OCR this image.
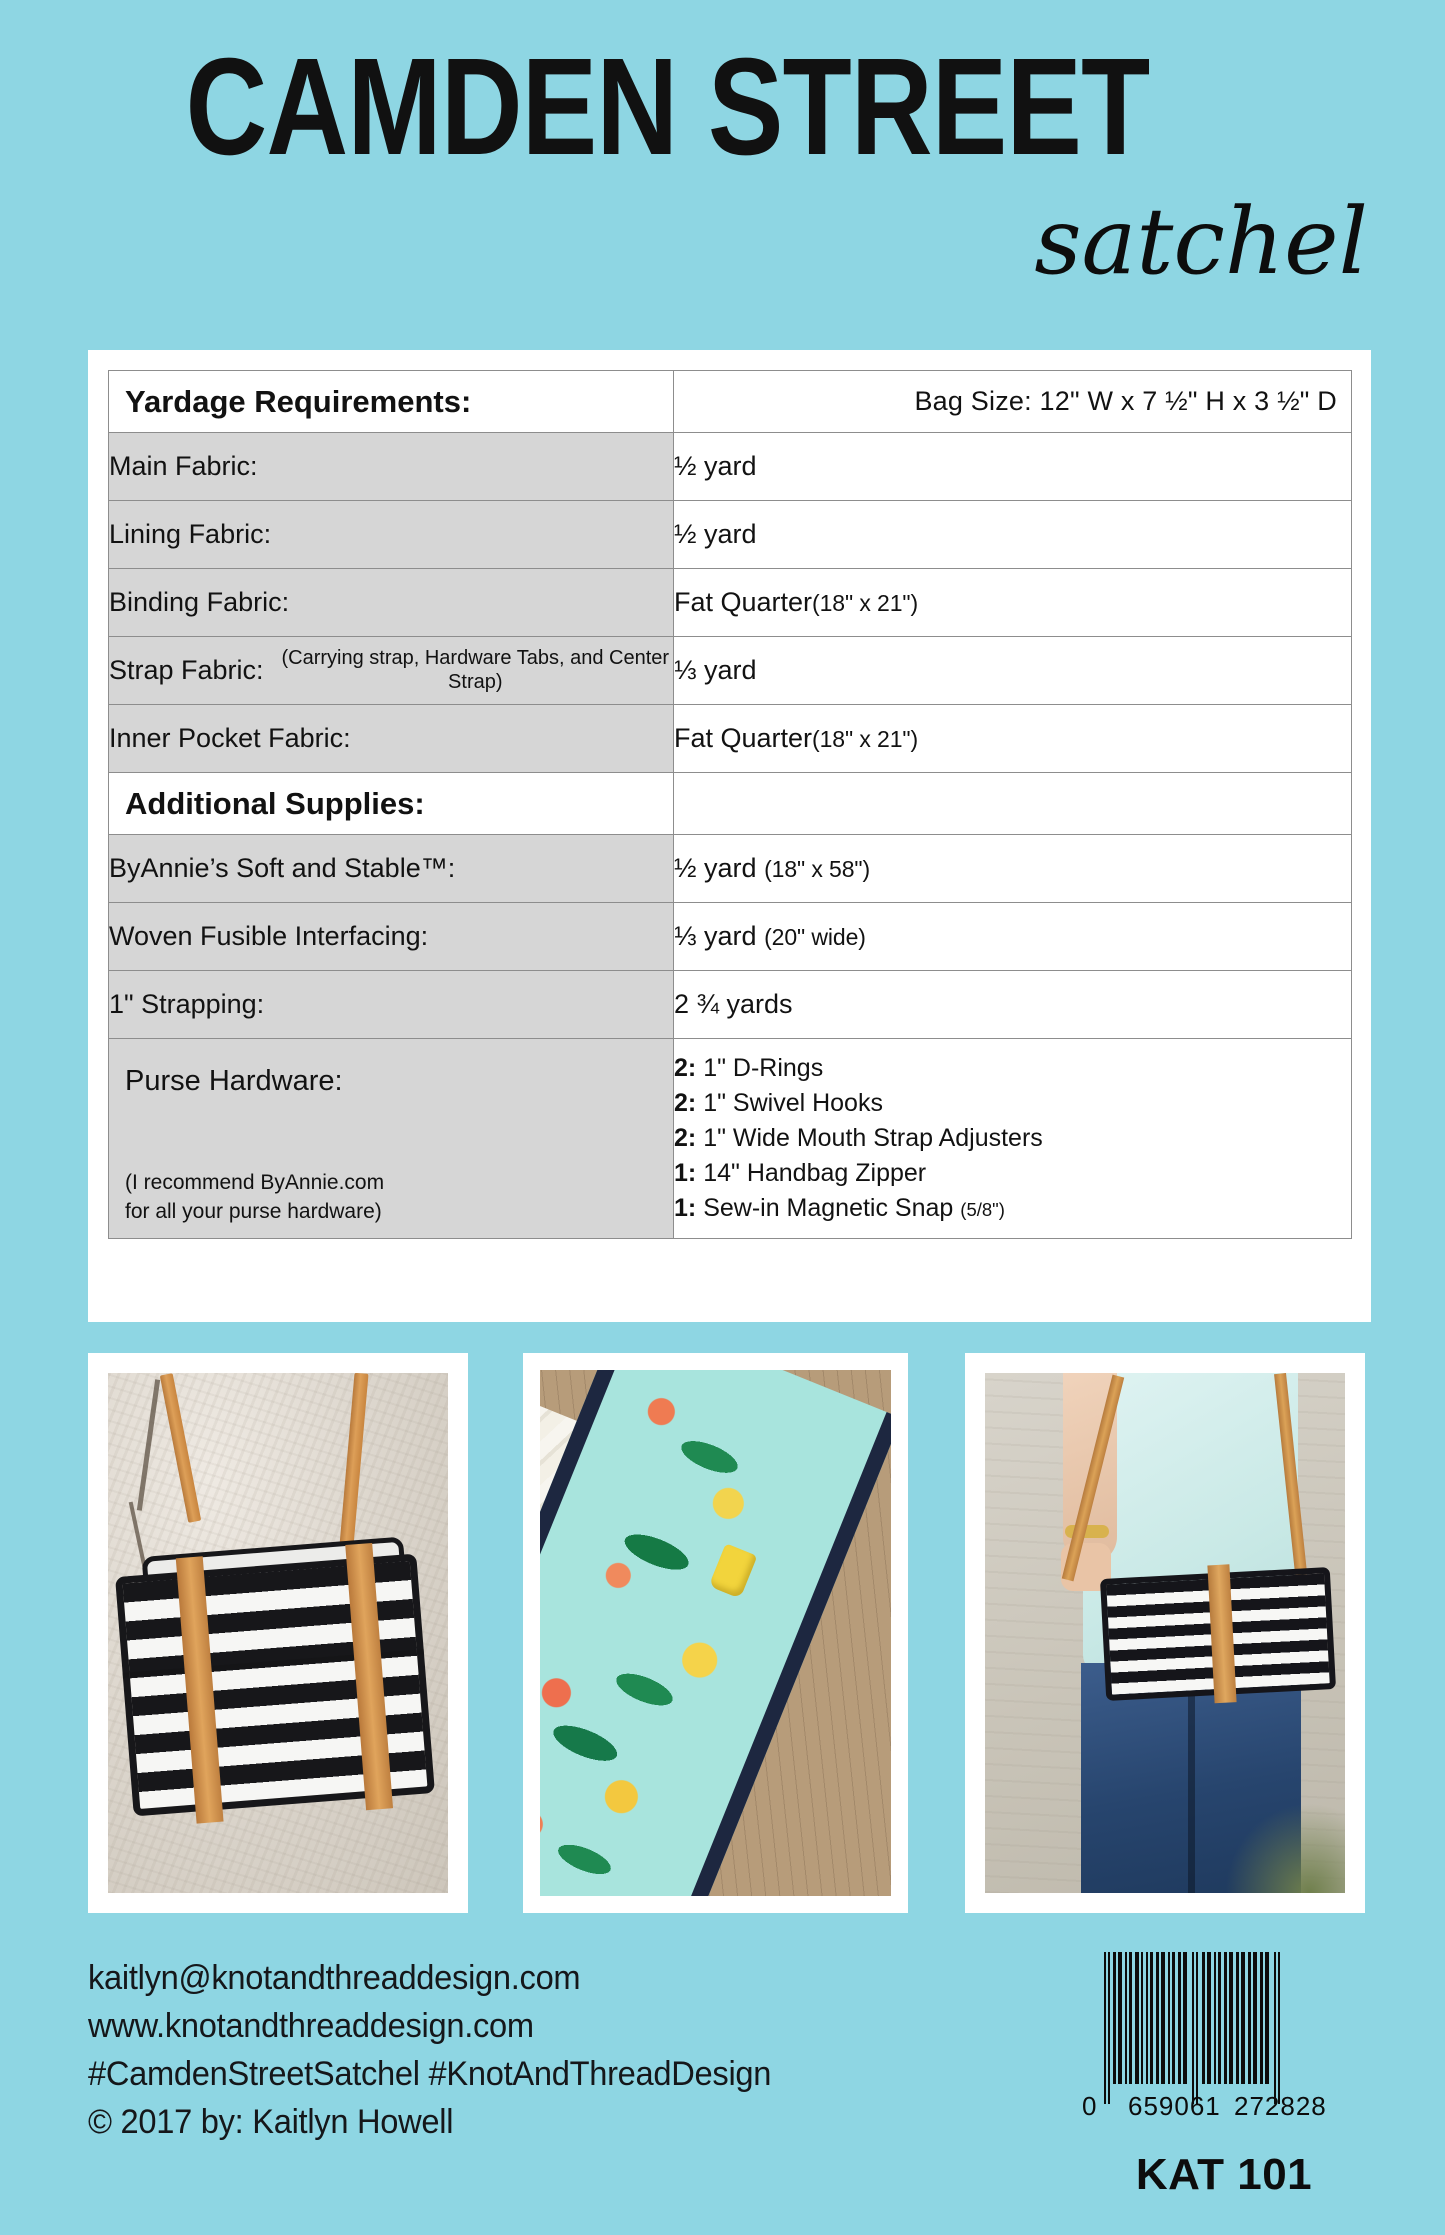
CAMDEN STREET
satchel
Yardage Requirements:	Bag Size: 12" W x 7 ½" H x 3 ½" D
Main Fabric:	½ yard
Lining Fabric:	½ yard
Binding Fabric:	Fat Quarter(18" x 21")

Strap Fabric: (Carrying strap, Hardware Tabs, and Center Strap)	⅓ yard
Inner Pocket Fabric:	Fat Quarter(18" x 21")
Additional Supplies:	
ByAnnie’s Soft and Stable™:	½ yard (18" x 58")
Woven Fusible Interfacing:	⅓ yard (20" wide)
1" Strapping:	2 ¾ yards

Purse Hardware:
(I recommend ByAnnie.com
for all your purse hardware)

2: 1" D-Rings
2: 1" Swivel Hooks
2: 1" Wide Mouth Strap Adjusters
1: 14" Handbag Zipper
1: Sew-in Magnetic Snap (5/8")
kaitlyn@knotandthreaddesign.com
www.knotandthreaddesign.com
#CamdenStreetSatchel #KnotAndThreadDesign
© 2017 by: Kaitlyn Howell	0 659061 272828
KAT 101
